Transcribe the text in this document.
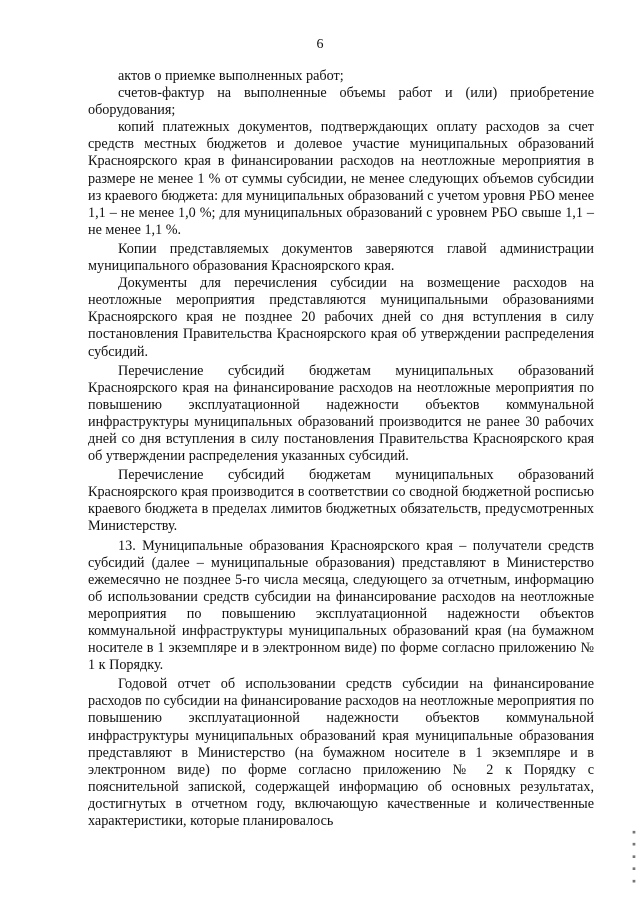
6

актов о приемке выполненных работ;

счетов-фактур на выполненные объемы работ и (или) приобретение оборудования;

копий платежных документов, подтверждающих оплату расходов за счет средств местных бюджетов и долевое участие муниципальных образований Красноярского края в финансировании расходов на неотложные мероприятия в размере не менее 1 % от суммы субсидии, не менее следующих объемов субсидии из краевого бюджета: для муниципальных образований с учетом уровня РБО менее 1,1 – не менее 1,0 %; для муниципальных образований с уровнем РБО свыше 1,1 – не менее 1,1 %.

Копии представляемых документов заверяются главой администрации муниципального образования Красноярского края.

Документы для перечисления субсидии на возмещение расходов на неотложные мероприятия представляются муниципальными образованиями Красноярского края не позднее 20 рабочих дней со дня вступления в силу постановления Правительства Красноярского края об утверждении распределения субсидий.

Перечисление субсидий бюджетам муниципальных образований Красноярского края на финансирование расходов на неотложные мероприятия по повышению эксплуатационной надежности объектов коммунальной инфраструктуры муниципальных образований производится не ранее 30 рабочих дней со дня вступления в силу постановления Правительства Красноярского края об утверждении распределения указанных субсидий.

Перечисление субсидий бюджетам муниципальных образований Красноярского края производится в соответствии со сводной бюджетной росписью краевого бюджета в пределах лимитов бюджетных обязательств, предусмотренных Министерству.

13. Муниципальные образования Красноярского края – получатели средств субсидий (далее – муниципальные образования) представляют в Министерство ежемесячно не позднее 5-го числа месяца, следующего за отчетным, информацию об использовании средств субсидии на финансирование расходов на неотложные мероприятия по повышению эксплуатационной надежности объектов коммунальной инфраструктуры муниципальных образований края (на бумажном носителе в 1 экземпляре и в электронном виде) по форме согласно приложению № 1 к Порядку.

Годовой отчет об использовании средств субсидии на финансирование расходов по субсидии на финансирование расходов на неотложные мероприятия по повышению эксплуатационной надежности объектов коммунальной инфраструктуры муниципальных образований края муниципальные образования представляют в Министерство (на бумажном носителе в 1 экземпляре и в электронном виде) по форме согласно приложению № 2 к Порядку с пояснительной запиской, содержащей информацию об основных результатах, достигнутых в отчетном году, включающую качественные и количественные характеристики, которые планировалось

▪ ▪ ▪ ▪ ▪
